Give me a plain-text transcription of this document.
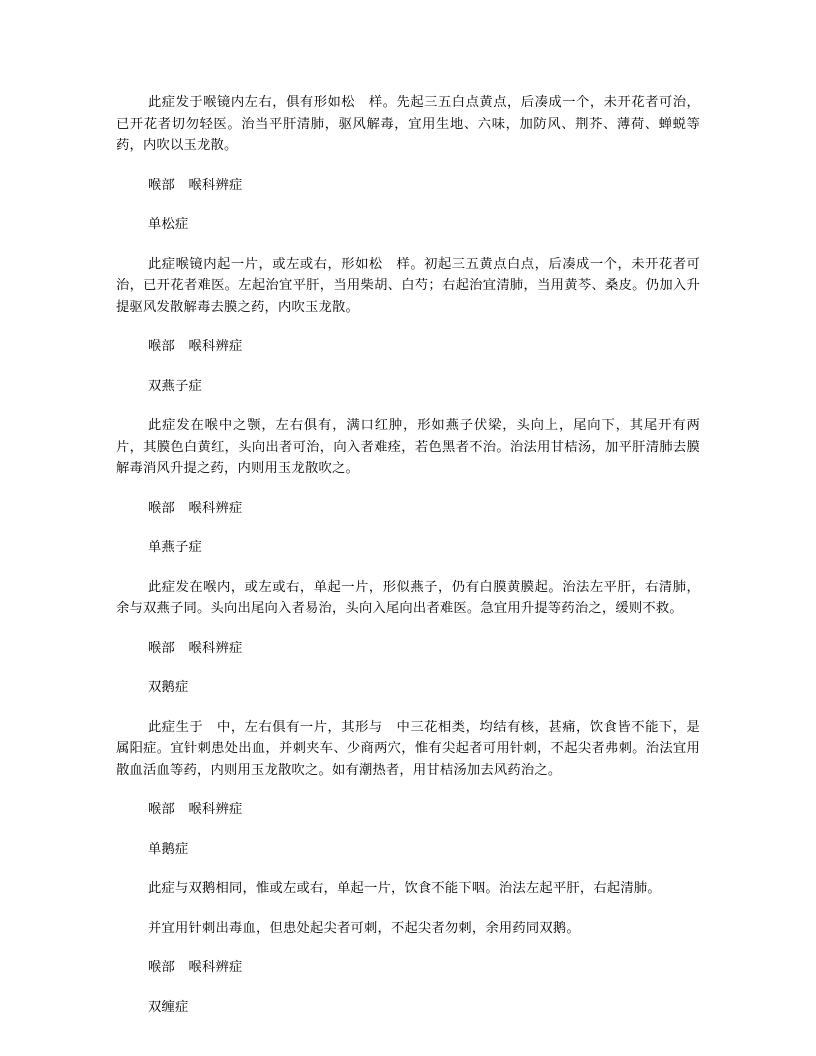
此症发于喉镜内左右，俱有形如松　样。先起三五白点黄点，后凑成一个，未开花者可治，已开花者切勿轻医。治当平肝清肺，驱风解毒，宜用生地、六味，加防风、荆芥、薄荷、蝉蜕等药，内吹以玉龙散。

喉部　喉科辨症

单松症

此症喉镜内起一片，或左或右，形如松　样。初起三五黄点白点，后凑成一个，未开花者可治，已开花者难医。左起治宜平肝，当用柴胡、白芍；右起治宜清肺，当用黄芩、桑皮。仍加入升提驱风发散解毒去膜之药，内吹玉龙散。

喉部　喉科辨症

双燕子症

此症发在喉中之颚，左右俱有，满口红肿，形如燕子伏梁，头向上，尾向下，其尾开有两片，其膜色白黄红，头向出者可治，向入者难痊，若色黑者不治。治法用甘桔汤，加平肝清肺去膜解毒消风升提之药，内则用玉龙散吹之。

喉部　喉科辨症

单燕子症

此症发在喉内，或左或右，单起一片，形似燕子，仍有白膜黄膜起。治法左平肝，右清肺，余与双燕子同。头向出尾向入者易治，头向入尾向出者难医。急宜用升提等药治之，缓则不救。

喉部　喉科辨症

双鹅症

此症生于　中，左右俱有一片，其形与　中三花相类，均结有核，甚痛，饮食皆不能下，是属阳症。宜针刺患处出血，并刺夹车、少商两穴，惟有尖起者可用针刺，不起尖者弗刺。治法宜用散血活血等药，内则用玉龙散吹之。如有潮热者，用甘桔汤加去风药治之。

喉部　喉科辨症

单鹅症

此症与双鹅相同，惟或左或右，单起一片，饮食不能下咽。治法左起平肝，右起清肺。

并宜用针刺出毒血，但患处起尖者可刺，不起尖者勿刺，余用药同双鹅。

喉部　喉科辨症

双缠症
